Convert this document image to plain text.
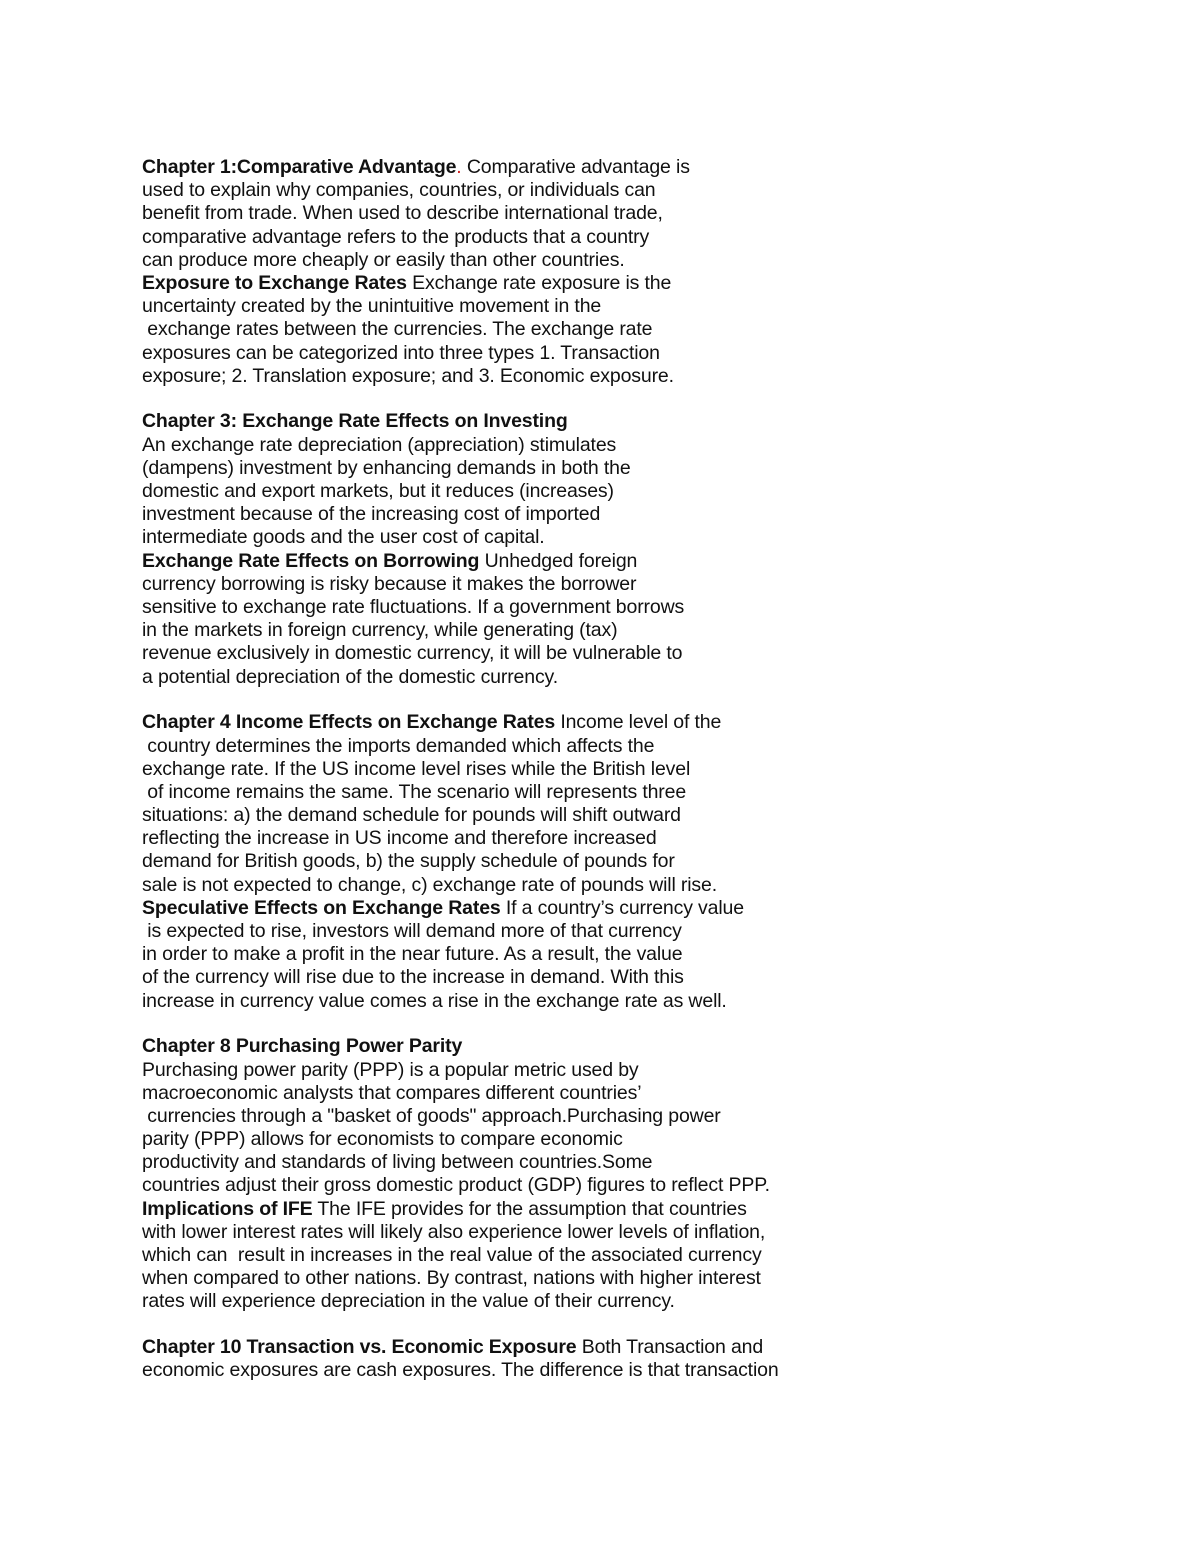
Chapter 1:Comparative Advantage. Comparative advantage is
used to explain why companies, countries, or individuals can
benefit from trade. When used to describe international trade,
comparative advantage refers to the products that a country
can produce more cheaply or easily than other countries.
Exposure to Exchange Rates Exchange rate exposure is the
uncertainty created by the unintuitive movement in the
exchange rates between the currencies. The exchange rate
exposures can be categorized into three types 1. Transaction
exposure; 2. Translation exposure; and 3. Economic exposure.
Chapter 3: Exchange Rate Effects on Investing
An exchange rate depreciation (appreciation) stimulates
(dampens) investment by enhancing demands in both the
domestic and export markets, but it reduces (increases)
investment because of the increasing cost of imported
intermediate goods and the user cost of capital.
Exchange Rate Effects on Borrowing Unhedged foreign
currency borrowing is risky because it makes the borrower
sensitive to exchange rate fluctuations. If a government borrows
in the markets in foreign currency, while generating (tax)
revenue exclusively in domestic currency, it will be vulnerable to
a potential depreciation of the domestic currency.
Chapter 4 Income Effects on Exchange Rates Income level of the
country determines the imports demanded which affects the
exchange rate. If the US income level rises while the British level
of income remains the same. The scenario will represents three
situations: a) the demand schedule for pounds will shift outward
reflecting the increase in US income and therefore increased
demand for British goods, b) the supply schedule of pounds for
sale is not expected to change, c) exchange rate of pounds will rise.
Speculative Effects on Exchange Rates If a country’s currency value
is expected to rise, investors will demand more of that currency
in order to make a profit in the near future. As a result, the value
of the currency will rise due to the increase in demand. With this
increase in currency value comes a rise in the exchange rate as well.
Chapter 8 Purchasing Power Parity
Purchasing power parity (PPP) is a popular metric used by
macroeconomic analysts that compares different countries’
currencies through a "basket of goods" approach.Purchasing power
parity (PPP) allows for economists to compare economic
productivity and standards of living between countries.Some
countries adjust their gross domestic product (GDP) figures to reflect PPP.
Implications of IFE The IFE provides for the assumption that countries
with lower interest rates will likely also experience lower levels of inflation,
which can  result in increases in the real value of the associated currency
when compared to other nations. By contrast, nations with higher interest
rates will experience depreciation in the value of their currency.
Chapter 10 Transaction vs. Economic Exposure Both Transaction and
economic exposures are cash exposures. The difference is that transaction
